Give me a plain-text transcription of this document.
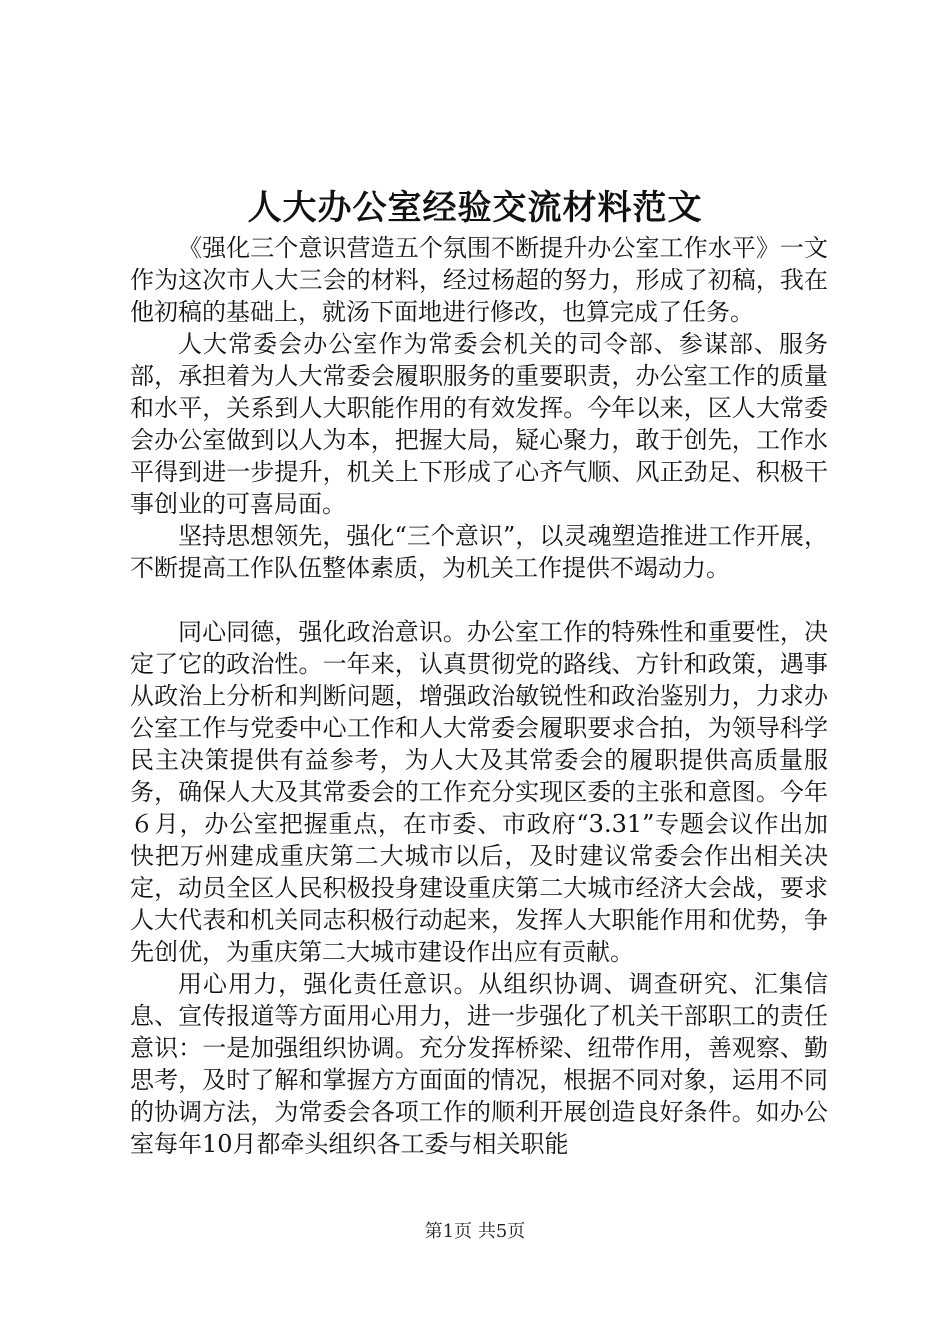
人大办公室经验交流材料范文

《强化三个意识营造五个氛围不断提升办公室工作水平》一文作为这次市人大三会的材料，经过杨超的努力，形成了初稿，我在他初稿的基础上，就汤下面地进行修改，也算完成了任务。

人大常委会办公室作为常委会机关的司令部、参谋部、服务部，承担着为人大常委会履职服务的重要职责，办公室工作的质量和水平，关系到人大职能作用的有效发挥。今年以来，区人大常委会办公室做到以人为本，把握大局，疑心聚力，敢于创先，工作水平得到进一步提升，机关上下形成了心齐气顺、风正劲足、积极干事创业的可喜局面。

坚持思想领先，强化“三个意识”，以灵魂塑造推进工作开展，不断提高工作队伍整体素质，为机关工作提供不竭动力。

同心同德，强化政治意识。办公室工作的特殊性和重要性，决定了它的政治性。一年来，认真贯彻党的路线、方针和政策，遇事从政治上分析和判断问题，增强政治敏锐性和政治鉴别力，力求办公室工作与党委中心工作和人大常委会履职要求合拍，为领导科学民主决策提供有益参考，为人大及其常委会的履职提供高质量服务，确保人大及其常委会的工作充分实现区委的主张和意图。今年６月，办公室把握重点，在市委、市政府“3.31”专题会议作出加快把万州建成重庆第二大城市以后，及时建议常委会作出相关决定，动员全区人民积极投身建设重庆第二大城市经济大会战，要求人大代表和机关同志积极行动起来，发挥人大职能作用和优势，争先创优，为重庆第二大城市建设作出应有贡献。

用心用力，强化责任意识。从组织协调、调查研究、汇集信息、宣传报道等方面用心用力，进一步强化了机关干部职工的责任意识：一是加强组织协调。充分发挥桥梁、纽带作用，善观察、勤思考，及时了解和掌握方方面面的情况，根据不同对象，运用不同的协调方法，为常委会各项工作的顺利开展创造良好条件。如办公室每年10月都牵头组织各工委与相关职能

第1页 共5页
